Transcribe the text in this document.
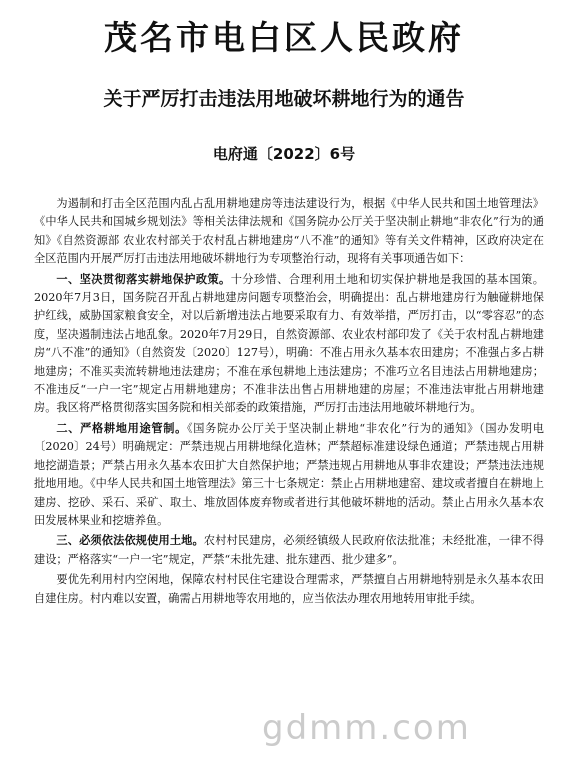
茂名市电白区人民政府
关于严厉打击违法用地破坏耕地行为的通告
电府通〔2022〕6号

为遏制和打击全区范围内乱占乱用耕地建房等违法建设行为，根据《中华人民共和国土地管理法》《中华人民共和国城乡规划法》等相关法律法规和《国务院办公厅关于坚决制止耕地“非农化”行为的通知》《自然资源部 农业农村部关于农村乱占耕地建房“八不准”的通知》等有关文件精神，区政府决定在全区范围内开展严厉打击违法用地破坏耕地行为专项整治行动，现将有关事项通告如下：

一、坚决贯彻落实耕地保护政策。十分珍惜、合理利用土地和切实保护耕地是我国的基本国策。2020年7月3日，国务院召开乱占耕地建房问题专项整治会，明确提出：乱占耕地建房行为触碰耕地保护红线，威胁国家粮食安全，对以后新增违法占地要采取有力、有效举措，严厉打击，以“零容忍”的态度，坚决遏制违法占地乱象。2020年7月29日，自然资源部、农业农村部印发了《关于农村乱占耕地建房“八不准”的通知》（自然资发〔2020〕127号），明确：不准占用永久基本农田建房；不准强占多占耕地建房；不准买卖流转耕地违法建房；不准在承包耕地上违法建房；不准巧立名目违法占用耕地建房；不准违反“一户一宅”规定占用耕地建房；不准非法出售占用耕地建的房屋；不准违法审批占用耕地建房。我区将严格贯彻落实国务院和相关部委的政策措施，严厉打击违法用地破坏耕地行为。

二、严格耕地用途管制。《国务院办公厅关于坚决制止耕地“非农化”行为的通知》（国办发明电〔2020〕24号）明确规定：严禁违规占用耕地绿化造林；严禁超标准建设绿色通道；严禁违规占用耕地挖湖造景；严禁占用永久基本农田扩大自然保护地；严禁违规占用耕地从事非农建设；严禁违法违规批地用地。《中华人民共和国土地管理法》第三十七条规定：禁止占用耕地建窑、建坟或者擅自在耕地上建房、挖砂、采石、采矿、取土、堆放固体废弃物或者进行其他破坏耕地的活动。禁止占用永久基本农田发展林果业和挖塘养鱼。

三、必须依法依规使用土地。农村村民建房，必须经镇级人民政府依法批准；未经批准，一律不得建设；严格落实“一户一宅”规定，严禁“未批先建、批东建西、批少建多”。

要优先利用村内空闲地，保障农村村民住宅建设合理需求，严禁擅自占用耕地特别是永久基本农田自建住房。村内难以安置，确需占用耕地等农用地的，应当依法办理农用地转用审批手续。

gdmm.com
